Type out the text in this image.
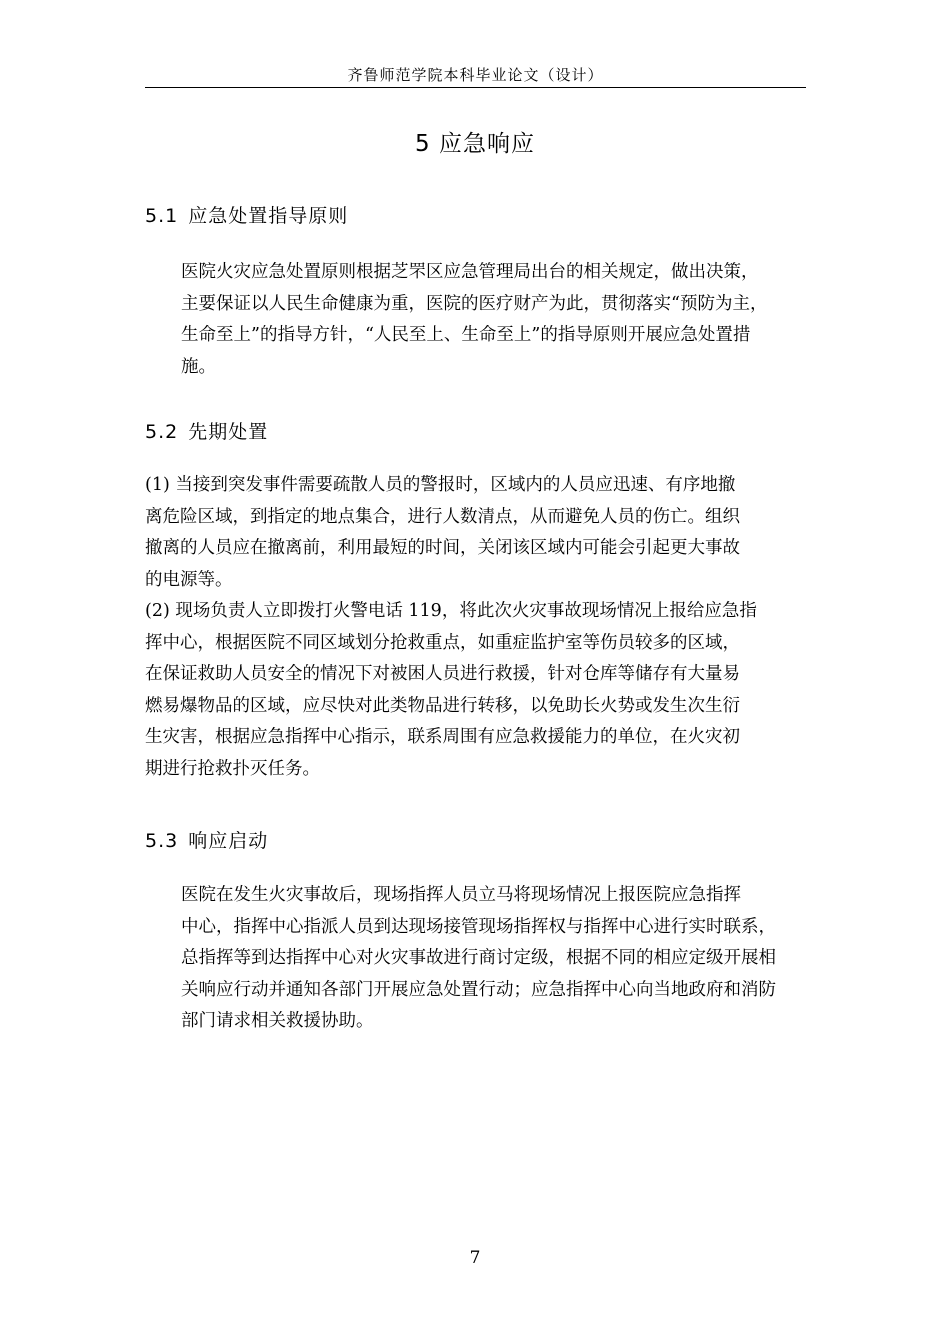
齐鲁师范学院本科毕业论文（设计）
5 应急响应
5.1 应急处置指导原则

医院火灾应急处置原则根据芝罘区应急管理局出台的相关规定，做出决策，
主要保证以人民生命健康为重，医院的医疗财产为此，贯彻落实“预防为主，
生命至上”的指导方针，“人民至上、生命至上”的指导原则开展应急处置措
施。

5.2 先期处置

(1) 当接到突发事件需要疏散人员的警报时，区域内的人员应迅速、有序地撤
离危险区域，到指定的地点集合，进行人数清点，从而避免人员的伤亡。组织
撤离的人员应在撤离前，利用最短的时间，关闭该区域内可能会引起更大事故
的电源等。

(2) 现场负责人立即拨打火警电话 119，将此次火灾事故现场情况上报给应急指
挥中心，根据医院不同区域划分抢救重点，如重症监护室等伤员较多的区域，
在保证救助人员安全的情况下对被困人员进行救援，针对仓库等储存有大量易
燃易爆物品的区域，应尽快对此类物品进行转移，以免助长火势或发生次生衍
生灾害，根据应急指挥中心指示，联系周围有应急救援能力的单位，在火灾初
期进行抢救扑灭任务。

5.3 响应启动

医院在发生火灾事故后，现场指挥人员立马将现场情况上报医院应急指挥
中心，指挥中心指派人员到达现场接管现场指挥权与指挥中心进行实时联系，
总指挥等到达指挥中心对火灾事故进行商讨定级，根据不同的相应定级开展相
关响应行动并通知各部门开展应急处置行动；应急指挥中心向当地政府和消防
部门请求相关救援协助。

7
